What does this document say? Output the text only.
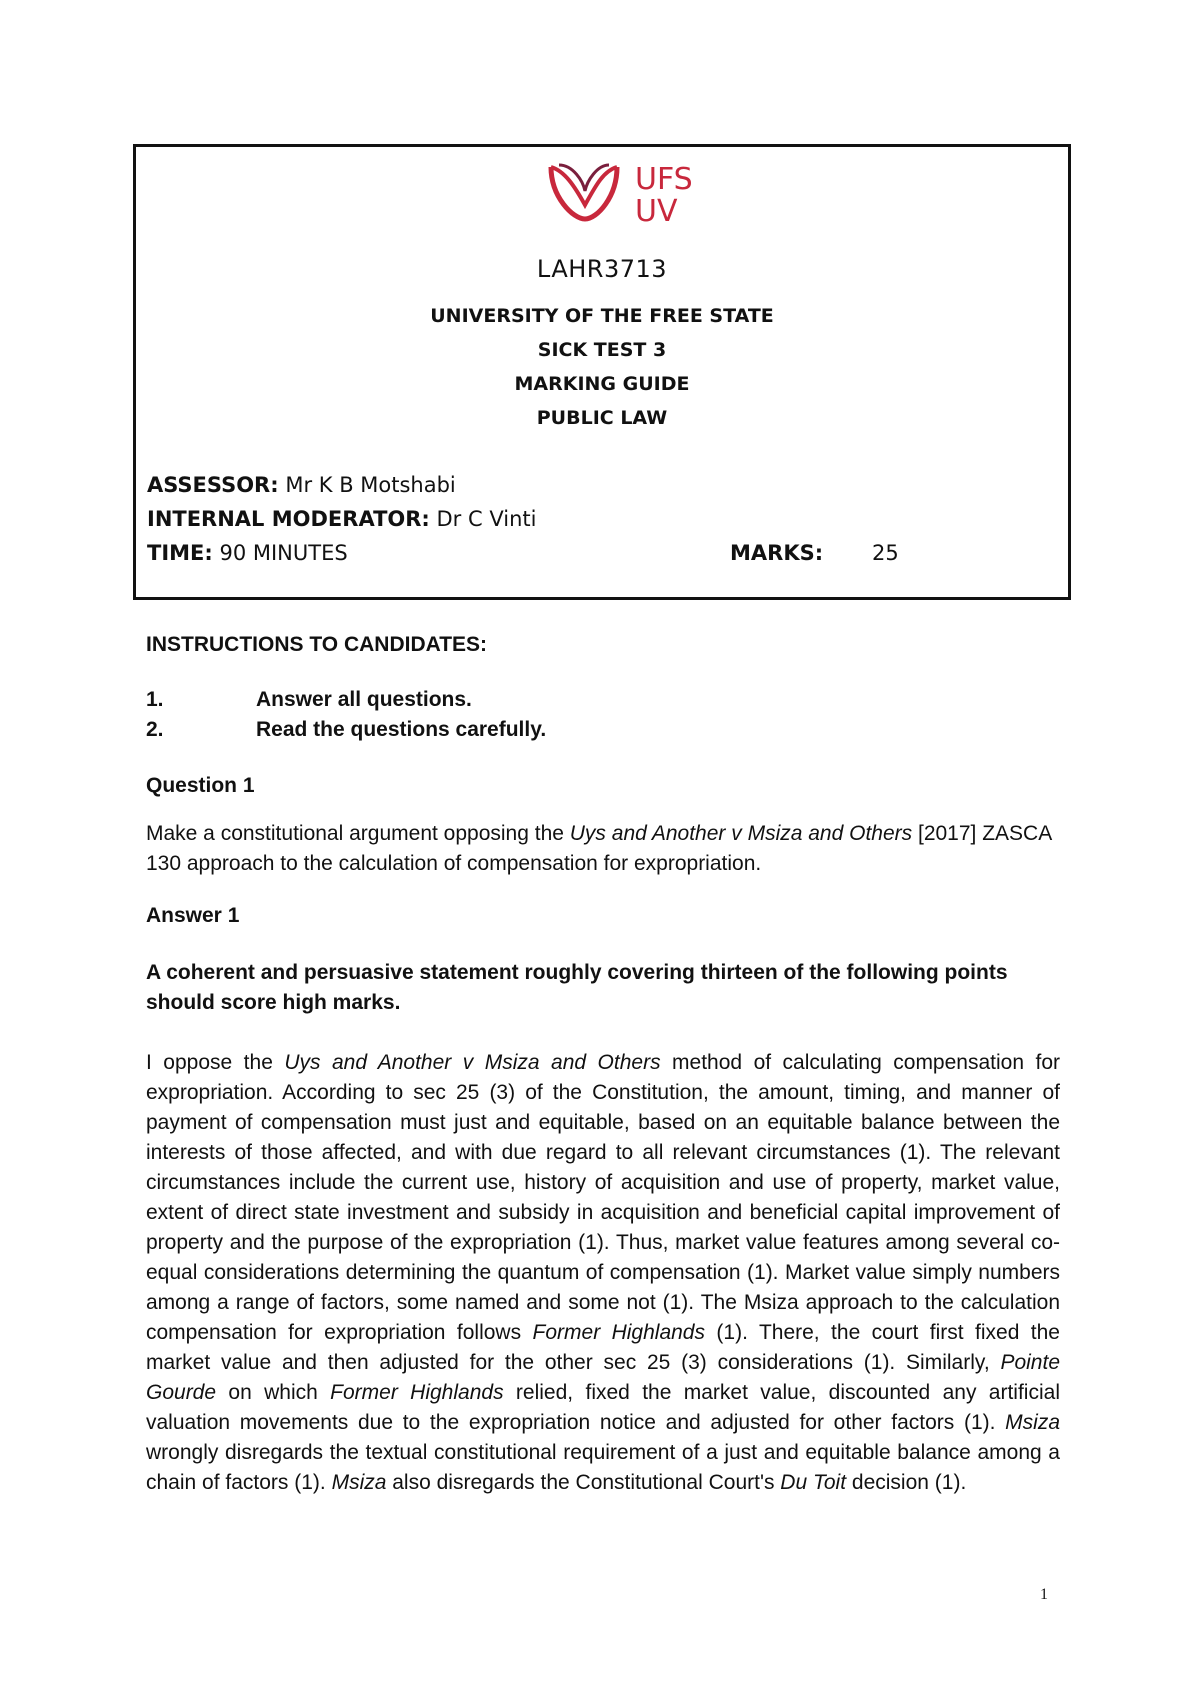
UFS
UV
LAHR3713
UNIVERSITY OF THE FREE STATE
SICK TEST 3
MARKING GUIDE
PUBLIC LAW
ASSESSOR: Mr K B Motshabi
INTERNAL MODERATOR: Dr C Vinti
TIME: 90 MINUTES	MARKS: 25
INSTRUCTIONS TO CANDIDATES:

1.	Answer all questions.

2.	Read the questions carefully.

Question 1
Make a constitutional argument opposing the Uys and Another v Msiza and Others [2017] ZASCA 130 approach to the calculation of compensation for expropriation.
Answer 1
A coherent and persuasive statement roughly covering thirteen of the following points should score high marks.
I oppose the Uys and Another v Msiza and Others method of calculating compensation for expropriation. According to sec 25 (3) of the Constitution, the amount, timing, and manner of payment of compensation must just and equitable, based on an equitable balance between the interests of those affected, and with due regard to all relevant circumstances (1). The relevant circumstances include the current use, history of acquisition and use of property, market value, extent of direct state investment and subsidy in acquisition and beneficial capital improvement of property and the purpose of the expropriation (1). Thus, market value features among several co-equal considerations determining the quantum of compensation (1). Market value simply numbers among a range of factors, some named and some not (1). The Msiza approach to the calculation compensation for expropriation follows Former Highlands (1). There, the court first fixed the market value and then adjusted for the other sec 25 (3) considerations (1). Similarly, Pointe Gourde on which Former Highlands relied, fixed the market value, discounted any artificial valuation movements due to the expropriation notice and adjusted for other factors (1). Msiza wrongly disregards the textual constitutional requirement of a just and equitable balance among a chain of factors (1). Msiza also disregards the Constitutional Court's Du Toit decision (1).
1
